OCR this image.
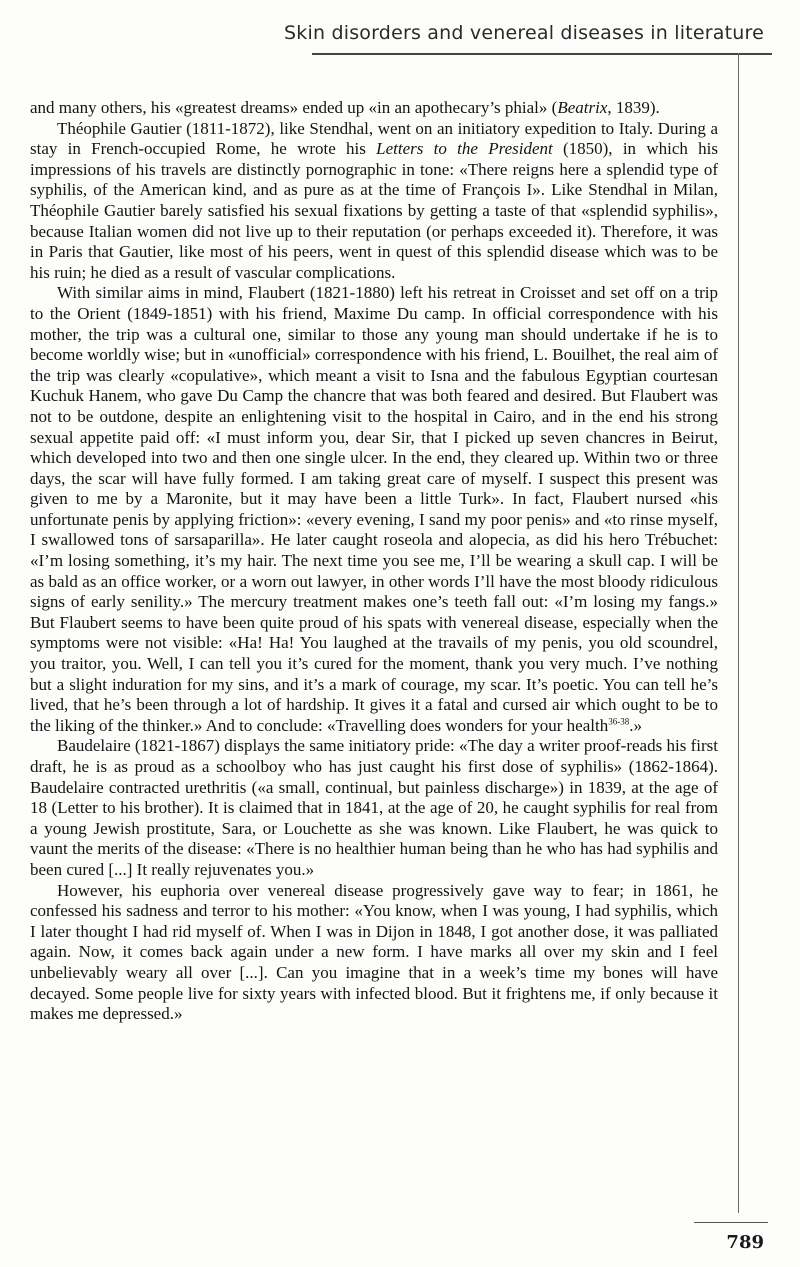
Skin disorders and venereal diseases in literature

and many others, his «greatest dreams» ended up «in an apothecary’s phial» (Beatrix, 1839).

Théophile Gautier (1811-1872), like Stendhal, went on an initiatory expedition to Italy. During a stay in French-occupied Rome, he wrote his Letters to the President (1850), in which his impressions of his travels are distinctly pornographic in tone: «There reigns here a splendid type of syphilis, of the American kind, and as pure as at the time of François I». Like Stendhal in Milan, Théophile Gautier barely satisfied his sexual fixations by getting a taste of that «splendid syphilis», because Italian women did not live up to their reputation (or perhaps exceeded it). Therefore, it was in Paris that Gautier, like most of his peers, went in quest of this splendid disease which was to be his ruin; he died as a result of vascular complications.

With similar aims in mind, Flaubert (1821-1880) left his retreat in Croisset and set off on a trip to the Orient (1849-1851) with his friend, Maxime Du camp. In official correspondence with his mother, the trip was a cultural one, similar to those any young man should undertake if he is to become worldly wise; but in «unofficial» correspondence with his friend, L. Bouilhet, the real aim of the trip was clearly «copulative», which meant a visit to Isna and the fabulous Egyptian courtesan Kuchuk Hanem, who gave Du Camp the chancre that was both feared and desired. But Flaubert was not to be outdone, despite an enlightening visit to the hospital in Cairo, and in the end his strong sexual appetite paid off: «I must inform you, dear Sir, that I picked up seven chancres in Beirut, which developed into two and then one single ulcer. In the end, they cleared up. Within two or three days, the scar will have fully formed. I am taking great care of myself. I suspect this present was given to me by a Maronite, but it may have been a little Turk». In fact, Flaubert nursed «his unfortunate penis by applying friction»: «every evening, I sand my poor penis» and «to rinse myself, I swallowed tons of sarsaparilla». He later caught roseola and alopecia, as did his hero Trébuchet: «I’m losing something, it’s my hair. The next time you see me, I’ll be wearing a skull cap. I will be as bald as an office worker, or a worn out lawyer, in other words I’ll have the most bloody ridiculous signs of early senility.» The mercury treatment makes one’s teeth fall out: «I’m losing my fangs.» But Flaubert seems to have been quite proud of his spats with venereal disease, especially when the symptoms were not visible: «Ha! Ha! You laughed at the travails of my penis, you old scoundrel, you traitor, you. Well, I can tell you it’s cured for the moment, thank you very much. I’ve nothing but a slight induration for my sins, and it’s a mark of courage, my scar. It’s poetic. You can tell he’s lived, that he’s been through a lot of hardship. It gives it a fatal and cursed air which ought to be to the liking of the thinker.» And to conclude: «Travelling does wonders for your health$^{36-38}$.»

Baudelaire (1821-1867) displays the same initiatory pride: «The day a writer proof-reads his first draft, he is as proud as a schoolboy who has just caught his first dose of syphilis» (1862-1864). Baudelaire contracted urethritis («a small, continual, but painless discharge») in 1839, at the age of 18 (Letter to his brother). It is claimed that in 1841, at the age of 20, he caught syphilis for real from a young Jewish prostitute, Sara, or Louchette as she was known. Like Flaubert, he was quick to vaunt the merits of the disease: «There is no healthier human being than he who has had syphilis and been cured [...] It really rejuvenates you.»

However, his euphoria over venereal disease progressively gave way to fear; in 1861, he confessed his sadness and terror to his mother: «You know, when I was young, I had syphilis, which I later thought I had rid myself of. When I was in Dijon in 1848, I got another dose, it was palliated again. Now, it comes back again under a new form. I have marks all over my skin and I feel unbelievably weary all over [...]. Can you imagine that in a week’s time my bones will have decayed. Some people live for sixty years with infected blood. But it frightens me, if only because it makes me depressed.»

789
